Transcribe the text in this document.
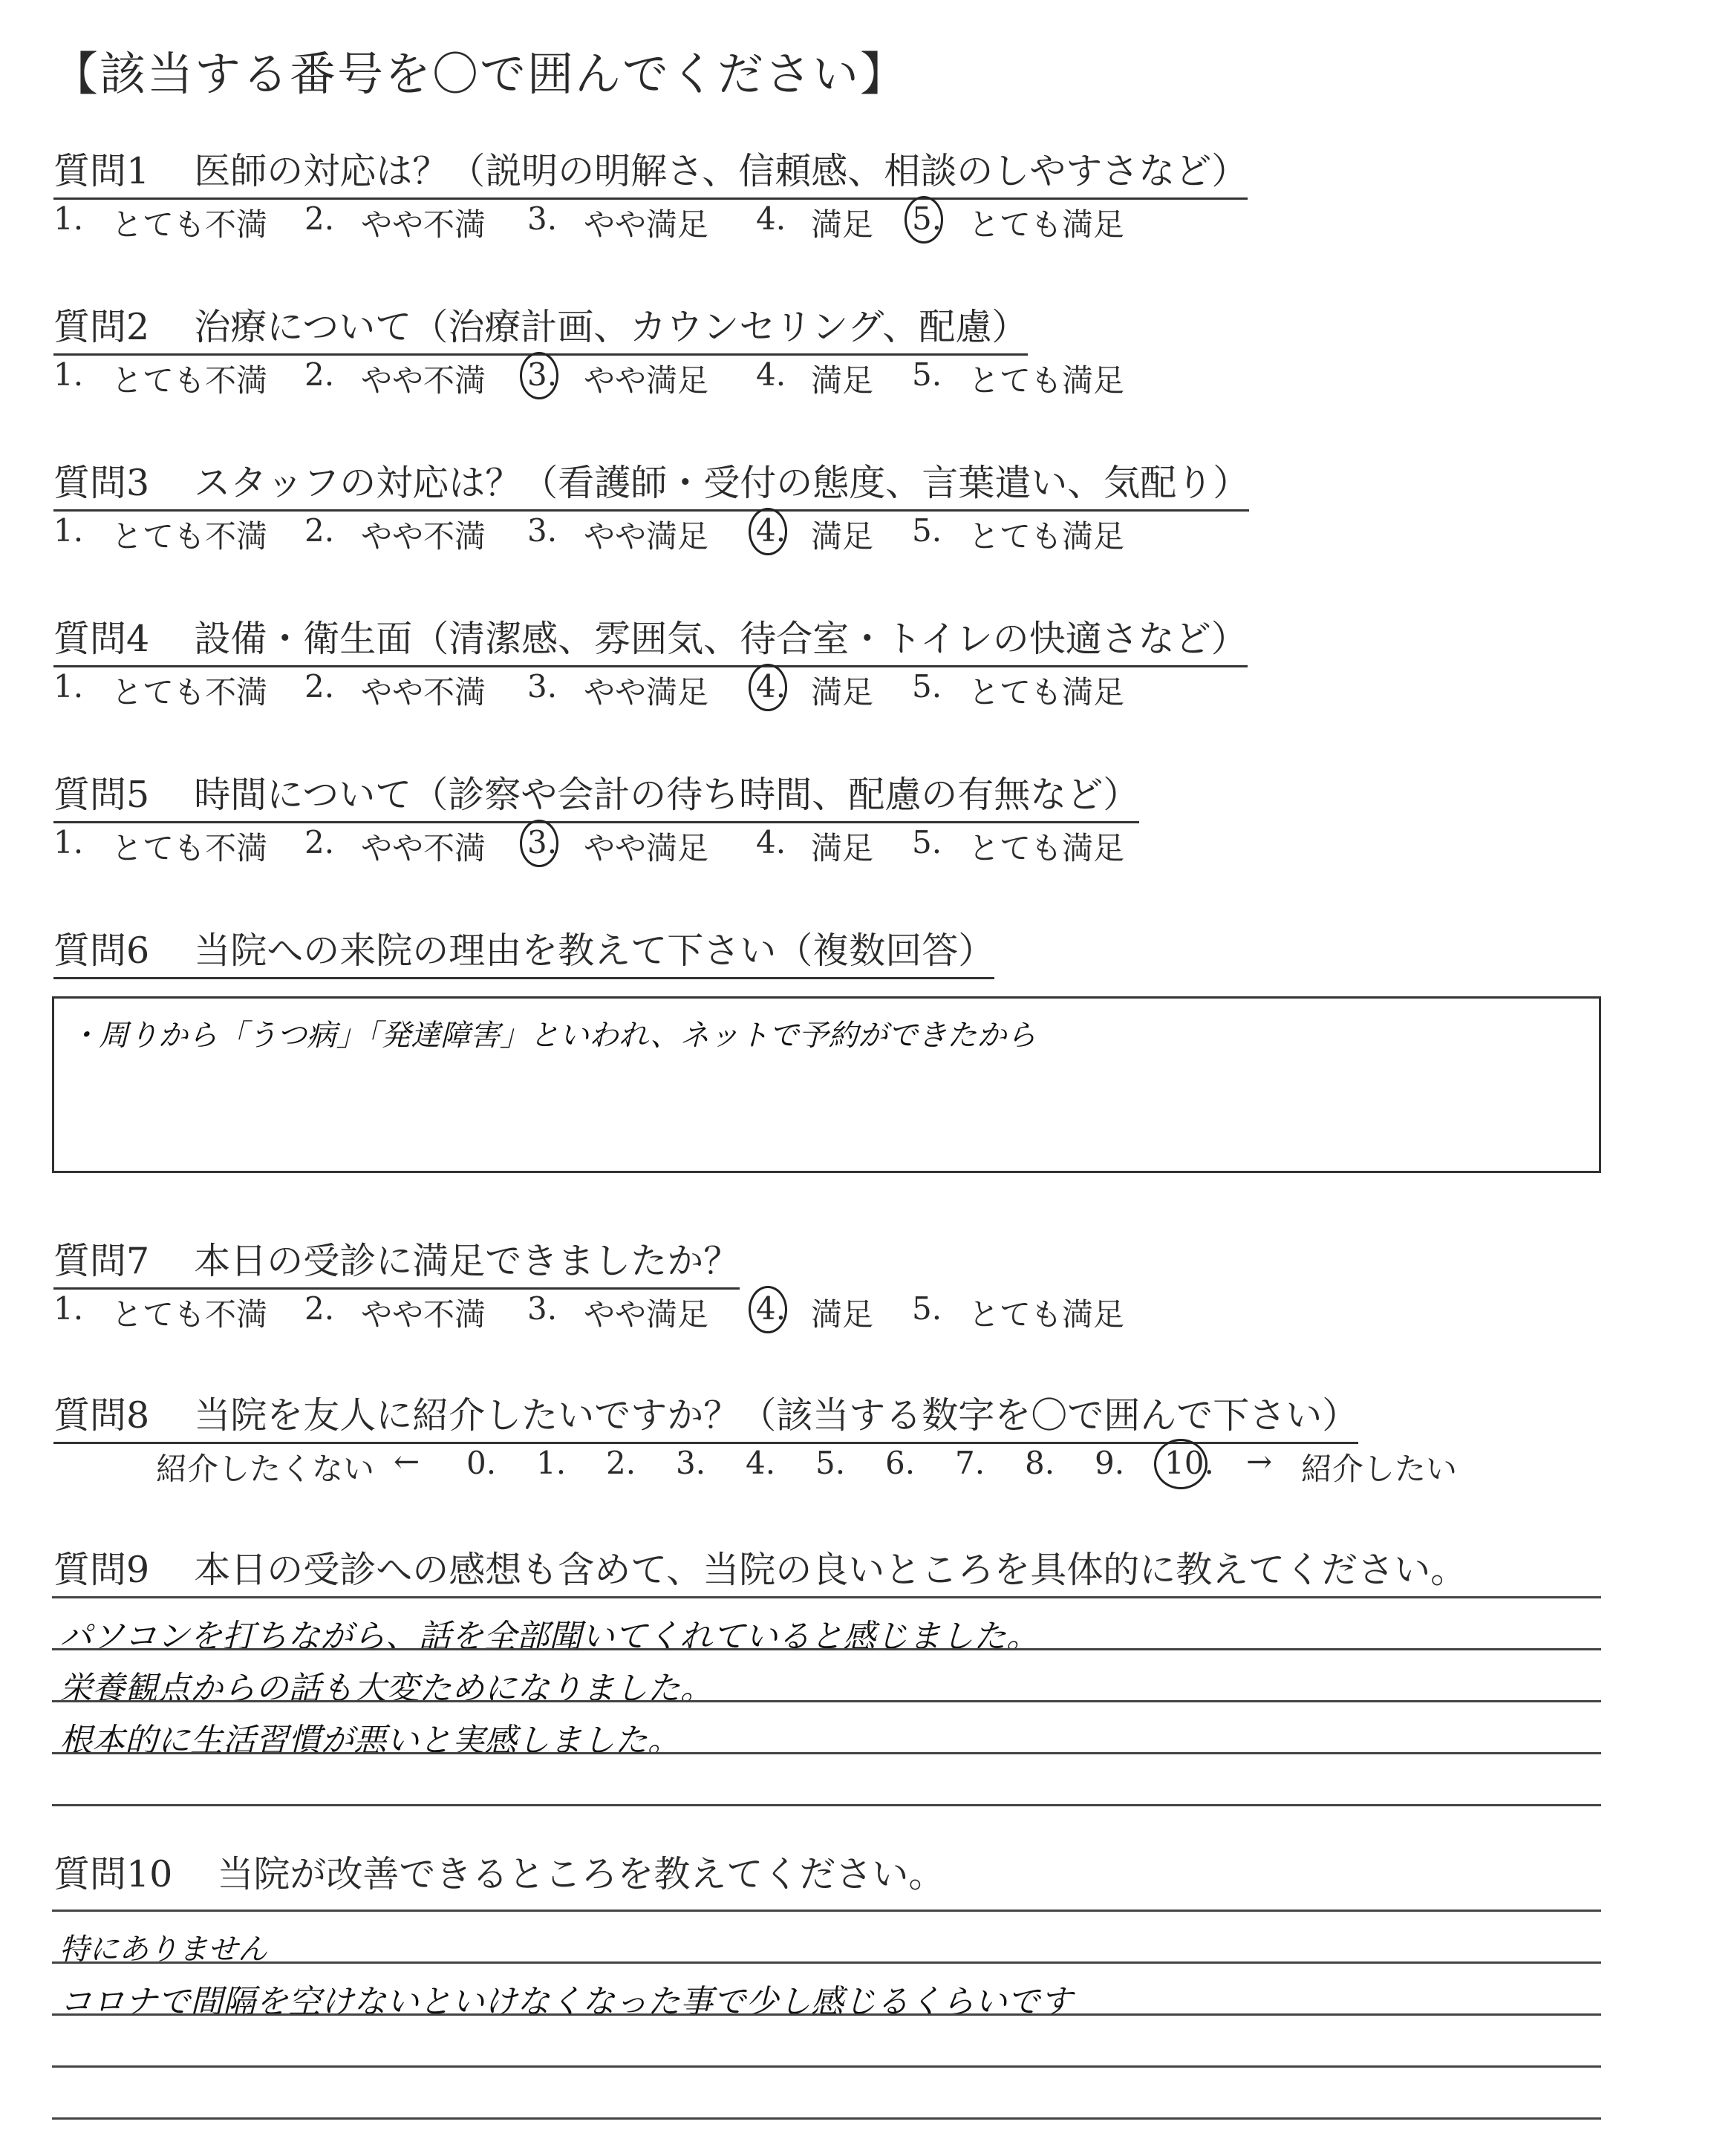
【該当する番号を〇で囲んでください】
質問1 医師の対応は？（説明の明解さ、信頼感、相談のしやすさなど）
1. とても不満 2. やや不満 3. やや満足 4. 満足 5. とても満足
質問2 治療について（治療計画、カウンセリング、配慮）
1. とても不満 2. やや不満 3. やや満足 4. 満足 5. とても満足
質問3 スタッフの対応は？（看護師・受付の態度、言葉遣い、気配り）
1. とても不満 2. やや不満 3. やや満足 4. 満足 5. とても満足
質問4 設備・衛生面（清潔感、雰囲気、待合室・トイレの快適さなど）
1. とても不満 2. やや不満 3. やや満足 4. 満足 5. とても満足
質問5 時間について（診察や会計の待ち時間、配慮の有無など）
1. とても不満 2. やや不満 3. やや満足 4. 満足 5. とても満足
質問6 当院への来院の理由を教えて下さい（複数回答）
・周りから「うつ病」「発達障害」といわれ、ネットで予約ができたから
質問7 本日の受診に満足できましたか？
1. とても不満 2. やや不満 3. やや満足 4. 満足 5. とても満足
質問8 当院を友人に紹介したいですか？（該当する数字を〇で囲んで下さい）
紹介したくない ← 0. 1. 2. 3. 4. 5. 6. 7. 8. 9. 10. → 紹介したい
質問9 本日の受診への感想も含めて、当院の良いところを具体的に教えてください。
パソコンを打ちながら、話を全部聞いてくれていると感じました。
栄養観点からの話も大変ためになりました。
根本的に生活習慣が悪いと実感しました。
質問10 当院が改善できるところを教えてください。
特にありません
コロナで間隔を空けないといけなくなった事で少し感じるくらいです
